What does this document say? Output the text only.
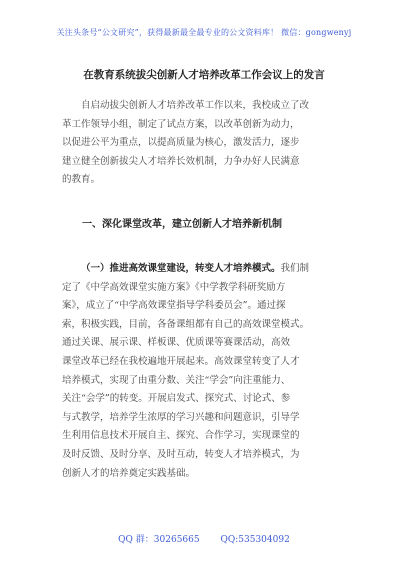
关注头条号“公文研究”，获得最新最全最专业的公文资料库！ 微信：gongwenyj
在教育系统拔尖创新人才培养改革工作会议上的发言
自启动拔尖创新人才培养改革工作以来，我校成立了改
革工作领导小组，制定了试点方案，以改革创新为动力，
以促进公平为重点，以提高质量为核心，激发活力，逐步
建立健全创新拔尖人才培养长效机制，力争办好人民满意
的教育。
一、深化课堂改革，建立创新人才培养新机制
（一）推进高效课堂建设，转变人才培养模式。我们制
定了《中学高效课堂实施方案》《中学教学科研奖励方
案》，成立了“中学高效课堂指导学科委员会”。通过探
索，积极实践，目前，各备课组都有自己的高效课堂模式。
通过关课、展示课、样板课、优质课等赛课活动，高效
课堂改革已经在我校遍地开展起来。高效课堂转变了人才
培养模式，实现了由重分数、关注“学会”向注重能力、
关注“会学”的转变。开展启发式、探究式、讨论式、参
与式教学，培养学生浓厚的学习兴趣和问题意识，引导学
生利用信息技术开展自主、探究、合作学习，实现课堂的
及时反馈、及时分享、及时互动，转变人才培养模式，为
创新人才的培养奠定实践基础。
QQ 群：30265665 QQ:535304092
